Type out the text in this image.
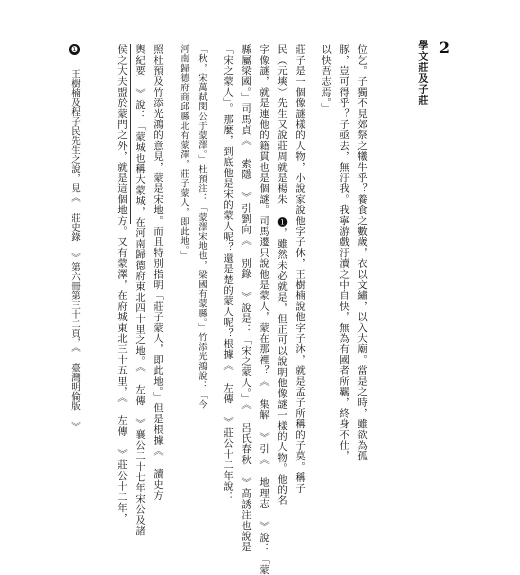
2
學文莊及子莊
位乞。子獨不見郊祭之犧牛乎？養食之數歲，衣以文繡，以入大廟。當是之時，雖欲為孤
豚，豈可得乎？子亟去，無汙我。我寧游戲汙瀆之中自快，無為有國者所羈，終身不仕，
以快吾志焉。」
莊子是一個像謎樣的人物，小說家說他字子休，王樹楠說他字子沐，就是孟子所稱的子莫。稱子
民（元塽）先生又說莊周就是楊朱 ❶，雖然未必就是，但正可以說明他像謎一樣的人物。他的名
字像謎，就是連他的籍貫也是個謎。司馬遷只說他是蒙人，蒙在那裡？《 集解 》引《 地理志 》說：「蒙
縣屬梁國。」司馬貞《 索隱 》引劉向《 別錄 》說是：「宋之蒙人。」《 呂氏春秋 》高誘注也說是
「宋之蒙人」。那麼，到底他是宋的蒙人呢？還是楚的蒙人呢？根據《 左傳 》莊公十二年說：
「秋，宋萬弑閔公于蒙澤。」杜預注：「蒙澤宋地也，梁國有蒙縣。」竹添光鴻說：「今
河南歸德府商邱縣北有蒙澤，莊子蒙人，即此地。」
照杜預及竹添光鴻的意見，蒙是宋地。而且特別指明「莊子蒙人，即此地。」但是根據《 讀史方
輿紀要 》說：「蒙城也稱大蒙城，在河南歸德府東北四十里之地。《 左傳 》襄公二十七年宋公及諸
侯之大夫盟於蒙門之外，就是這個地方。又有蒙澤，在府城東北三十五里，《 左傳 》莊公十二年，
❶ 王樹楠及程子民先生之說，見《 莊史錄 》第六冊第三十二頁，《 臺灣明倫版 》
